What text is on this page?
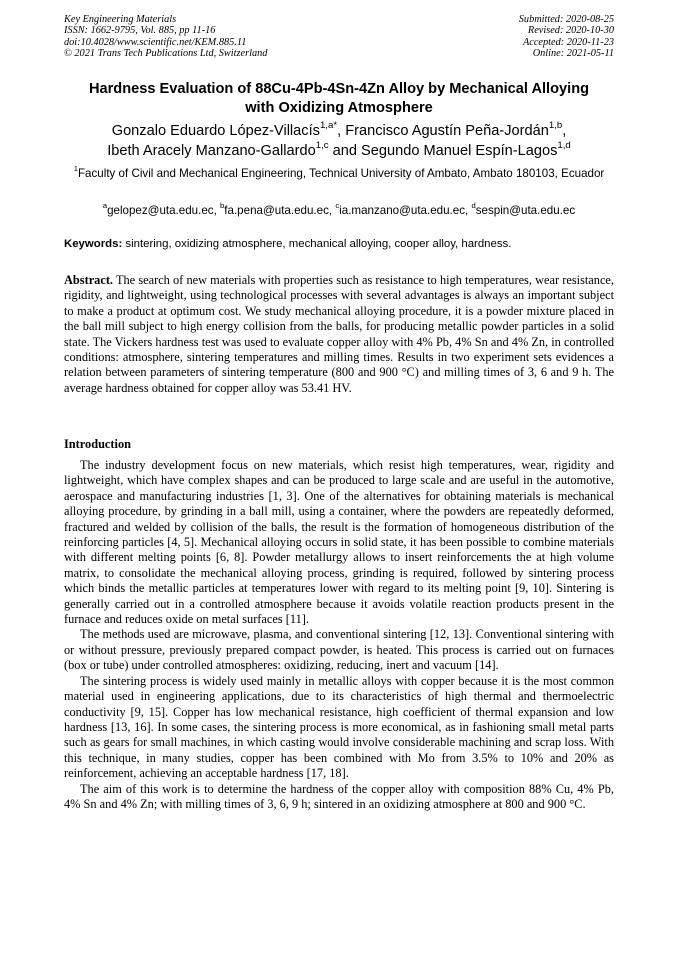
Key Engineering Materials
ISSN: 1662-9795, Vol. 885, pp 11-16
doi:10.4028/www.scientific.net/KEM.885.11
© 2021 Trans Tech Publications Ltd, Switzerland
Submitted: 2020-08-25
Revised: 2020-10-30
Accepted: 2020-11-23
Online: 2021-05-11
Hardness Evaluation of 88Cu-4Pb-4Sn-4Zn Alloy by Mechanical Alloying
with Oxidizing Atmosphere
Gonzalo Eduardo López-Villacís$^{1,a*}$, Francisco Agustín Peña-Jordán$^{1,b}$,
Ibeth Aracely Manzano-Gallardo$^{1,c}$ and Segundo Manuel Espín-Lagos$^{1,d}$
$^1$Faculty of Civil and Mechanical Engineering, Technical University of Ambato, Ambato 180103, Ecuador
$^a$gelopez@uta.edu.ec, $^b$fa.pena@uta.edu.ec, $^c$ia.manzano@uta.edu.ec, $^d$sespin@uta.edu.ec
Keywords: sintering, oxidizing atmosphere, mechanical alloying, cooper alloy, hardness.
Abstract. The search of new materials with properties such as resistance to high temperatures, wear resistance, rigidity, and lightweight, using technological processes with several advantages is always an important subject to make a product at optimum cost. We study mechanical alloying procedure, it is a powder mixture placed in the ball mill subject to high energy collision from the balls, for producing metallic powder particles in a solid state. The Vickers hardness test was used to evaluate copper alloy with 4% Pb, 4% Sn and 4% Zn, in controlled conditions: atmosphere, sintering temperatures and milling times. Results in two experiment sets evidences a relation between parameters of sintering temperature (800 and 900 °C) and milling times of 3, 6 and 9 h. The average hardness obtained for copper alloy was 53.41 HV.
Introduction

The industry development focus on new materials, which resist high temperatures, wear, rigidity and lightweight, which have complex shapes and can be produced to large scale and are useful in the automotive, aerospace and manufacturing industries [1, 3]. One of the alternatives for obtaining materials is mechanical alloying procedure, by grinding in a ball mill, using a container, where the powders are repeatedly deformed, fractured and welded by collision of the balls, the result is the formation of homogeneous distribution of the reinforcing particles [4, 5]. Mechanical alloying occurs in solid state, it has been possible to combine materials with different melting points [6, 8]. Powder metallurgy allows to insert reinforcements the at high volume matrix, to consolidate the mechanical alloying process, grinding is required, followed by sintering process which binds the metallic particles at temperatures lower with regard to its melting point [9, 10]. Sintering is generally carried out in a controlled atmosphere because it avoids volatile reaction products present in the furnace and reduces oxide on metal surfaces [11].

The methods used are microwave, plasma, and conventional sintering [12, 13]. Conventional sintering with or without pressure, previously prepared compact powder, is heated. This process is carried out on furnaces (box or tube) under controlled atmospheres: oxidizing, reducing, inert and vacuum [14].

The sintering process is widely used mainly in metallic alloys with copper because it is the most common material used in engineering applications, due to its characteristics of high thermal and thermoelectric conductivity [9, 15]. Copper has low mechanical resistance, high coefficient of thermal expansion and low hardness [13, 16]. In some cases, the sintering process is more economical, as in fashioning small metal parts such as gears for small machines, in which casting would involve considerable machining and scrap loss. With this technique, in many studies, copper has been combined with Mo from 3.5% to 10% and 20% as reinforcement, achieving an acceptable hardness [17, 18].

The aim of this work is to determine the hardness of the copper alloy with composition 88% Cu, 4% Pb, 4% Sn and 4% Zn; with milling times of 3, 6, 9 h; sintered in an oxidizing atmosphere at 800 and 900 °C.
